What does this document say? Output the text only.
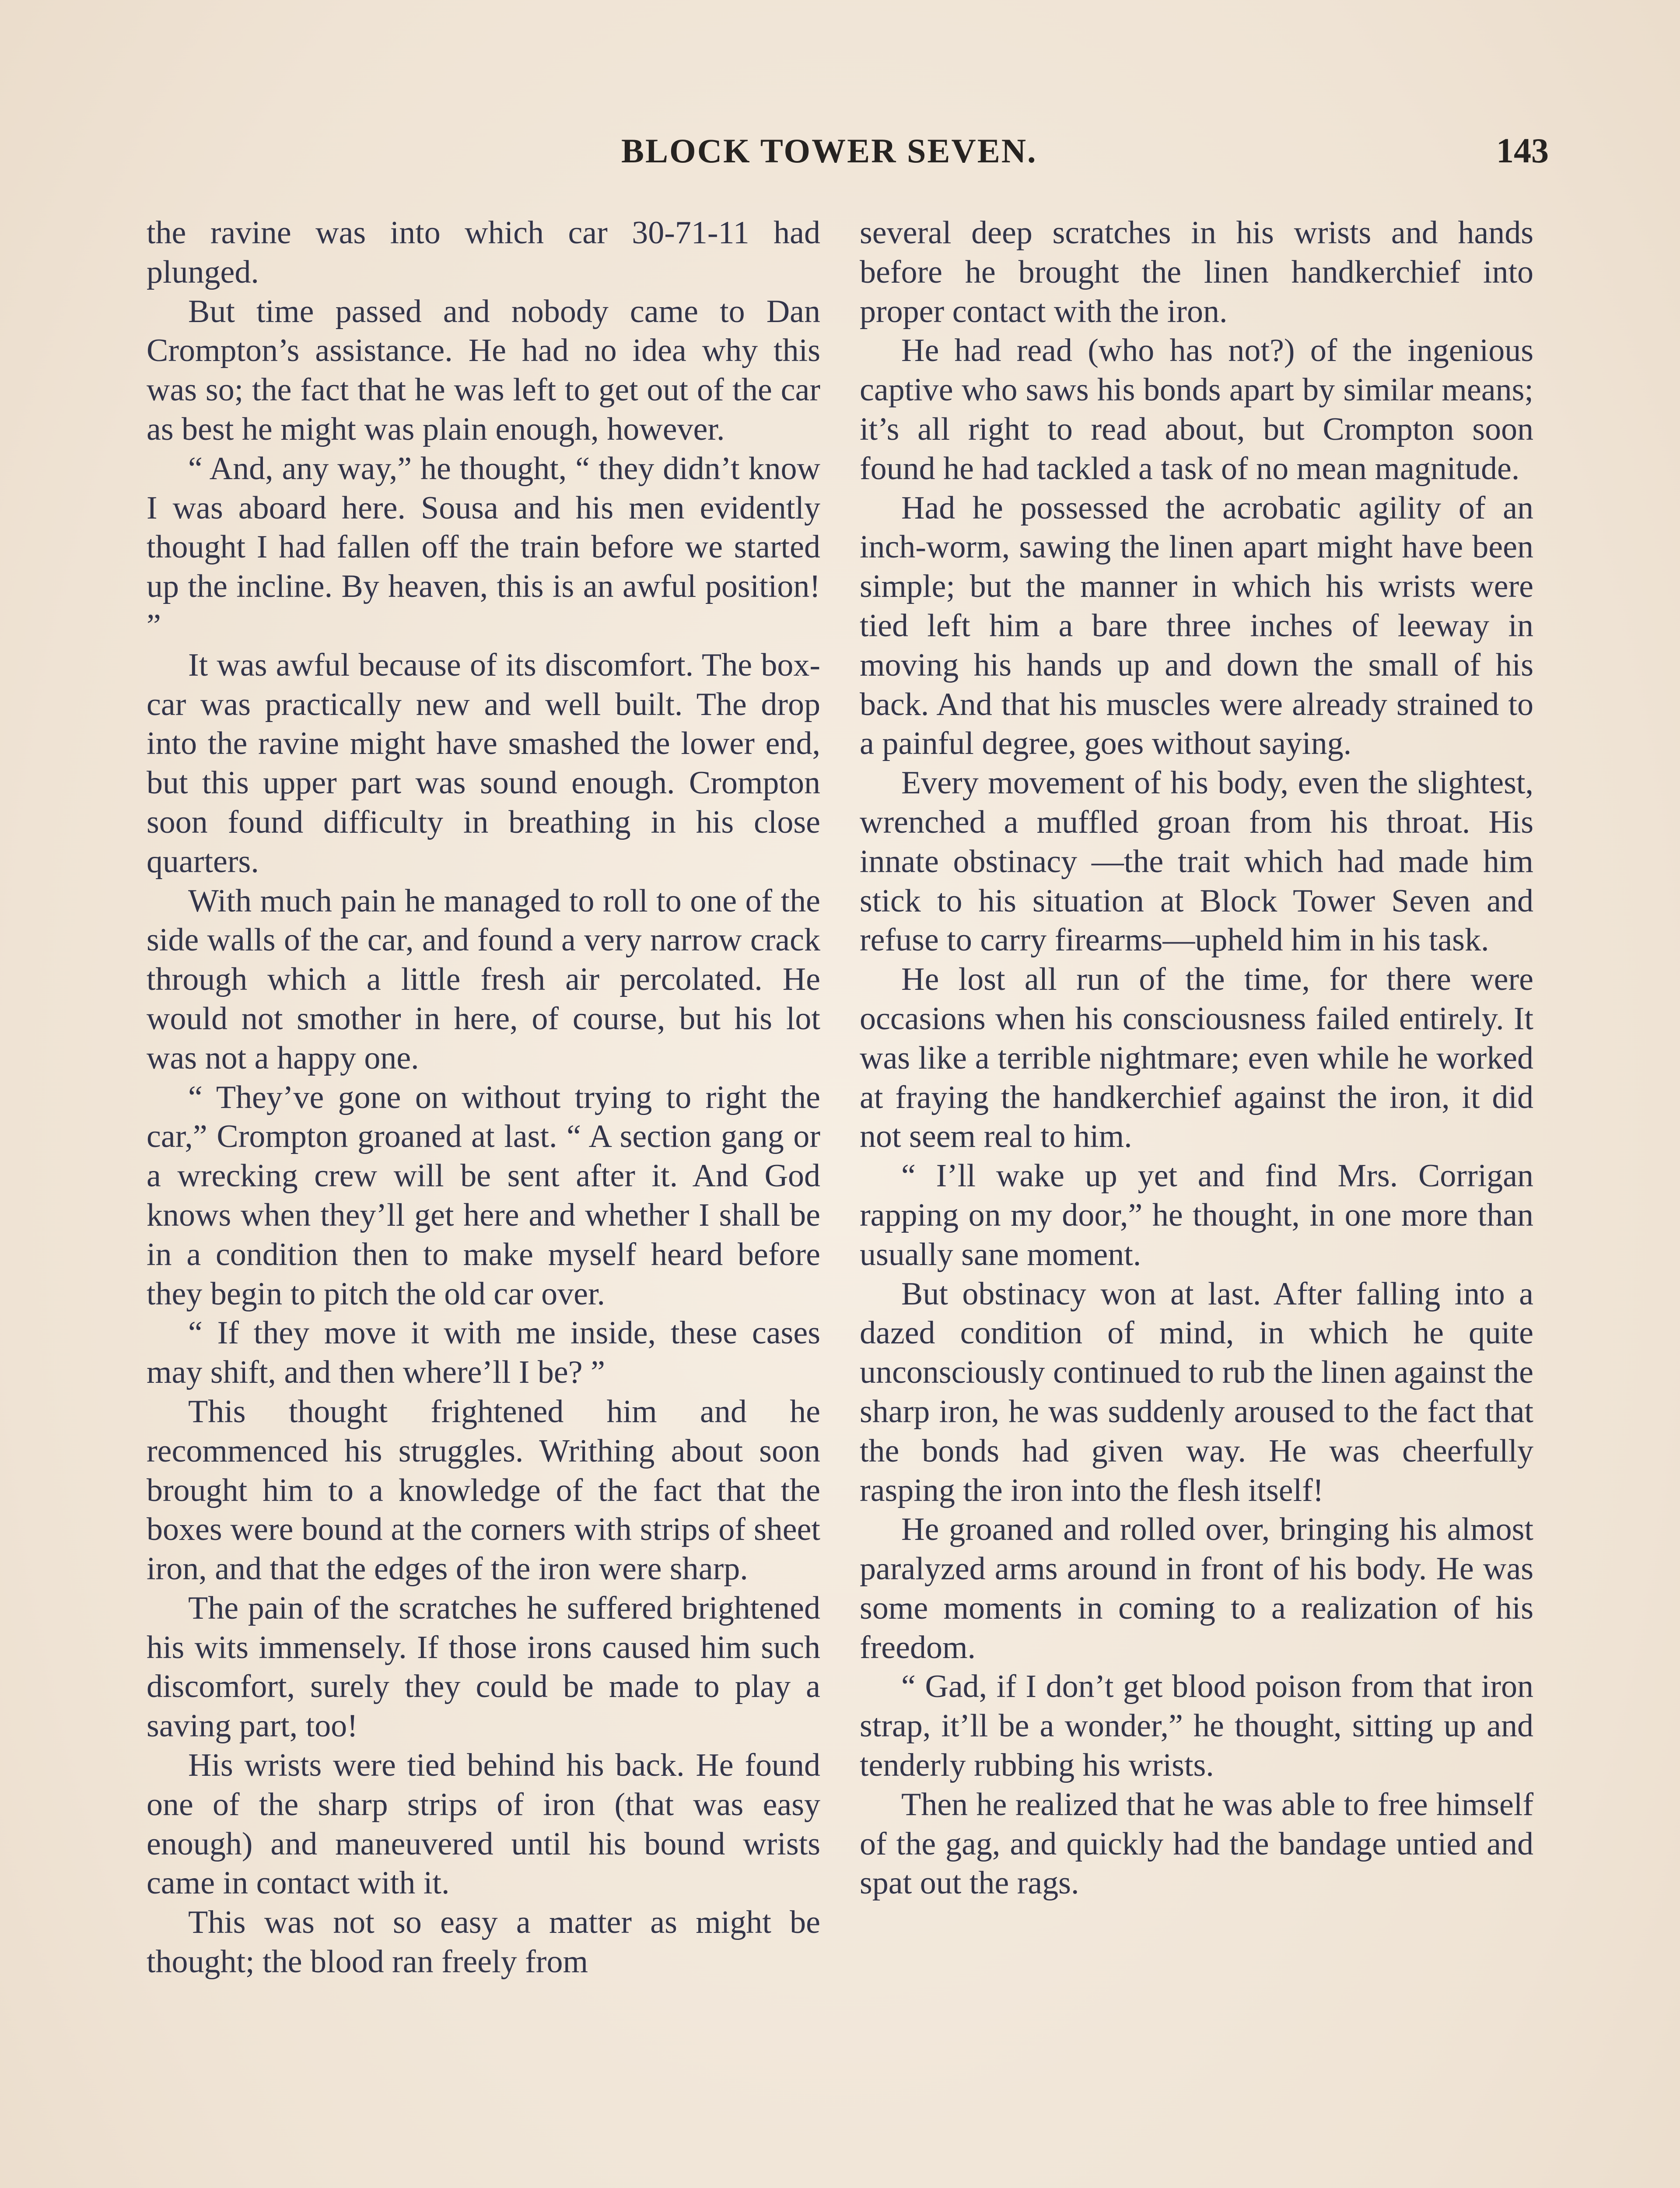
BLOCK TOWER SEVEN.	143

the ravine was into which car 30-71-11 had plunged.

But time passed and nobody came to Dan Crompton’s assistance. He had no idea why this was so; the fact that he was left to get out of the car as best he might was plain enough, however.

“ And, any way,” he thought, “ they didn’t know I was aboard here. Sousa and his men evidently thought I had fallen off the train before we started up the incline. By heaven, this is an awful position! ”

It was awful because of its discomfort. The box-car was practically new and well built. The drop into the ravine might have smashed the lower end, but this upper part was sound enough. Crompton soon found difficulty in breathing in his close quarters.

With much pain he managed to roll to one of the side walls of the car, and found a very narrow crack through which a little fresh air percolated. He would not smother in here, of course, but his lot was not a happy one.

“ They’ve gone on without trying to right the car,” Crompton groaned at last. “ A section gang or a wrecking crew will be sent after it. And God knows when they’ll get here and whether I shall be in a condition then to make myself heard before they begin to pitch the old car over.

“ If they move it with me inside, these cases may shift, and then where’ll I be? ”

This thought frightened him and he recommenced his struggles. Writhing about soon brought him to a knowledge of the fact that the boxes were bound at the corners with strips of sheet iron, and that the edges of the iron were sharp.

The pain of the scratches he suffered brightened his wits immensely. If those irons caused him such discomfort, surely they could be made to play a saving part, too!

His wrists were tied behind his back. He found one of the sharp strips of iron (that was easy enough) and maneuvered until his bound wrists came in contact with it.

This was not so easy a matter as might be thought; the blood ran freely from

several deep scratches in his wrists and hands before he brought the linen handkerchief into proper contact with the iron.

He had read (who has not?) of the ingenious captive who saws his bonds apart by similar means; it’s all right to read about, but Crompton soon found he had tackled a task of no mean magnitude.

Had he possessed the acrobatic agility of an inch-worm, sawing the linen apart might have been simple; but the manner in which his wrists were tied left him a bare three inches of leeway in moving his hands up and down the small of his back. And that his muscles were already strained to a painful degree, goes without saying.

Every movement of his body, even the slightest, wrenched a muffled groan from his throat. His innate obstinacy —the trait which had made him stick to his situation at Block Tower Seven and refuse to carry firearms—upheld him in his task.

He lost all run of the time, for there were occasions when his consciousness failed entirely. It was like a terrible nightmare; even while he worked at fraying the handkerchief against the iron, it did not seem real to him.

“ I’ll wake up yet and find Mrs. Corrigan rapping on my door,” he thought, in one more than usually sane moment.

But obstinacy won at last. After falling into a dazed condition of mind, in which he quite unconsciously continued to rub the linen against the sharp iron, he was suddenly aroused to the fact that the bonds had given way. He was cheerfully rasping the iron into the flesh itself!

He groaned and rolled over, bringing his almost paralyzed arms around in front of his body. He was some moments in coming to a realization of his freedom.

“ Gad, if I don’t get blood poison from that iron strap, it’ll be a wonder,” he thought, sitting up and tenderly rubbing his wrists.

Then he realized that he was able to free himself of the gag, and quickly had the bandage untied and spat out the rags.
